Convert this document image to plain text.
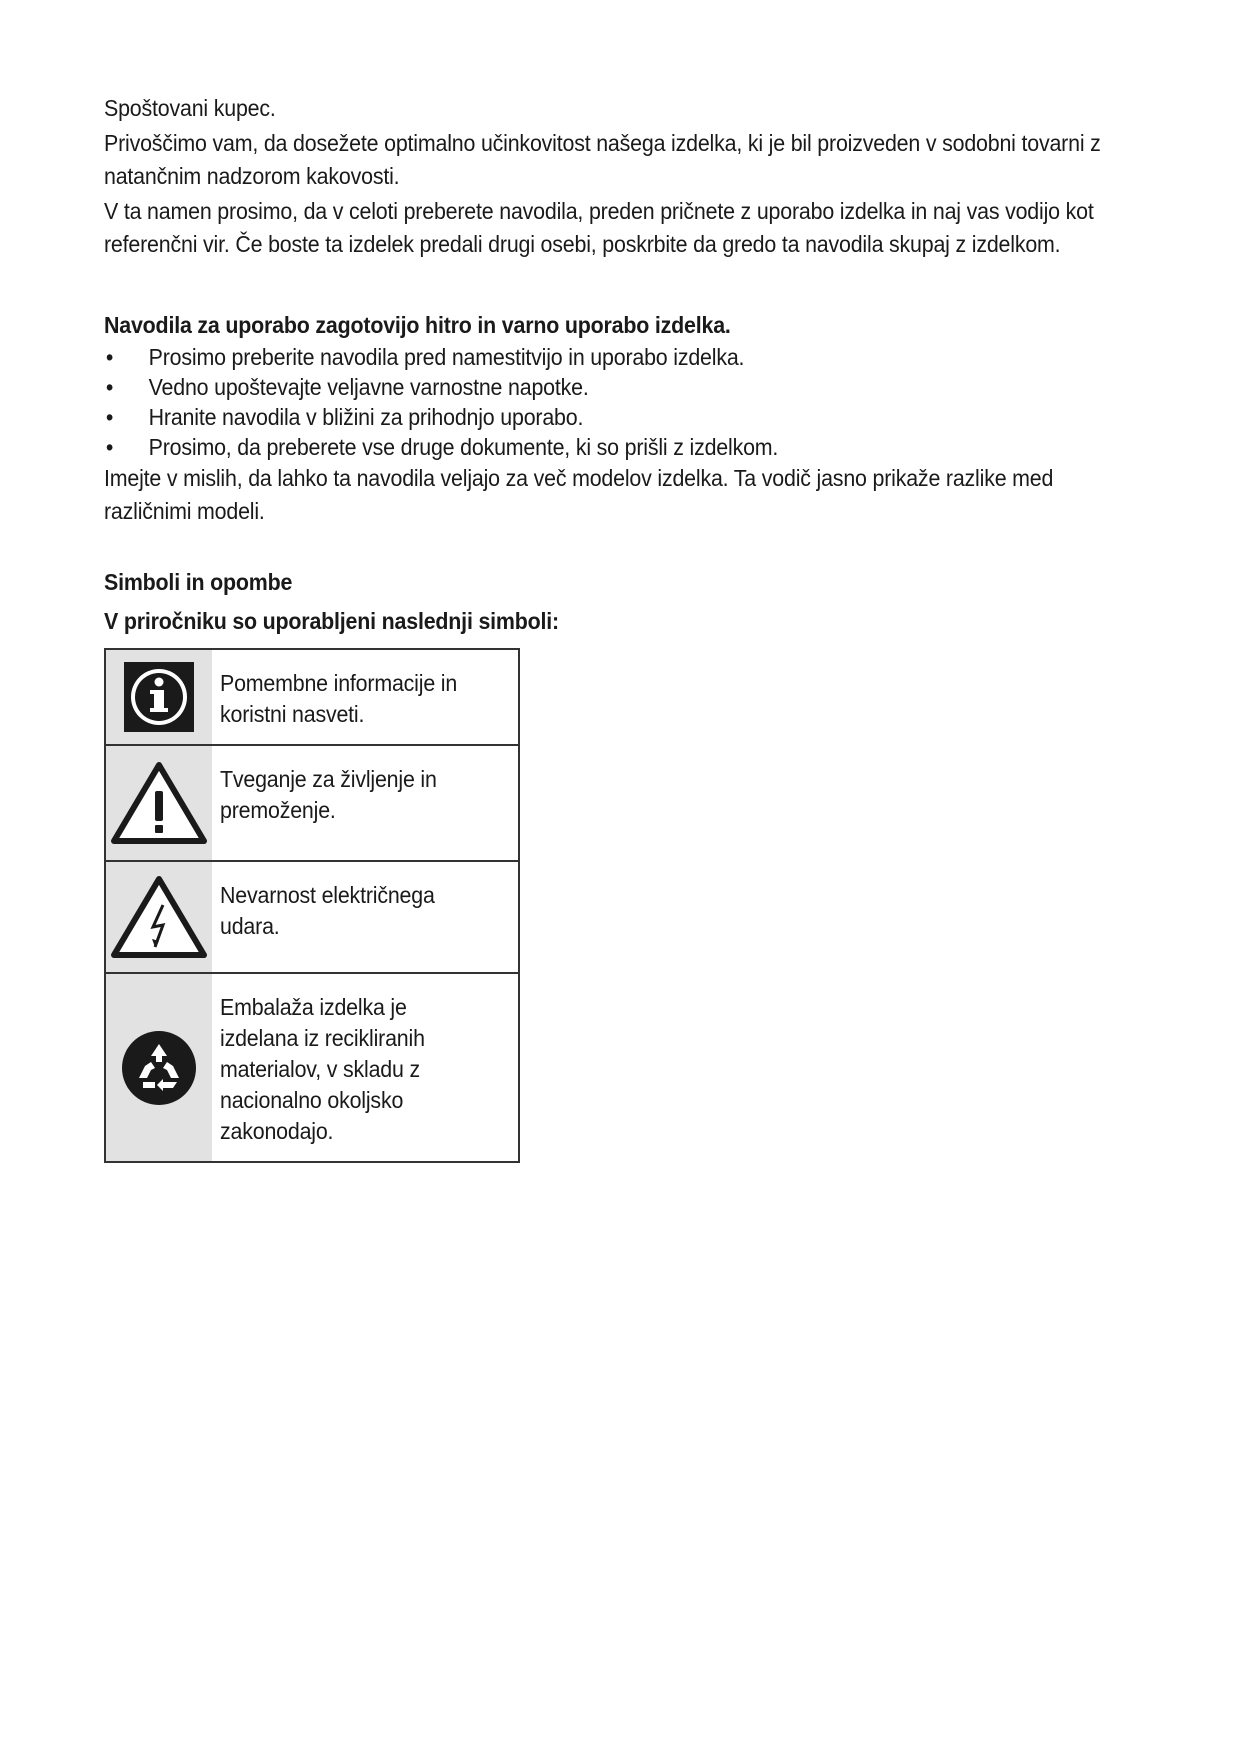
Spoštovani kupec.

Privoščimo vam, da dosežete optimalno učinkovitost našega izdelka, ki je bil proizveden v sodobni tovarni z natančnim nadzorom kakovosti.

V ta namen prosimo, da v celoti preberete navodila, preden pričnete z uporabo izdelka in naj vas vodijo kot referenčni vir. Če boste ta izdelek predali drugi osebi, poskrbite da gredo ta navodila skupaj z izdelkom.

Navodila za uporabo zagotovijo hitro in varno uporabo izdelka.

• Prosimo preberite navodila pred namestitvijo in uporabo izdelka.
• Vedno upoštevajte veljavne varnostne napotke.
• Hranite navodila v bližini za prihodnjo uporabo.
• Prosimo, da preberete vse druge dokumente, ki so prišli z izdelkom.

Imejte v mislih, da lahko ta navodila veljajo za več modelov izdelka. Ta vodič jasno prikaže razlike med različnimi modeli.

Simboli in opombe

V priročniku so uporabljeni naslednji simboli:

Pomembne informacije in koristni nasveti.

Tveganje za življenje in premoženje.

Nevarnost električnega udara.

Embalaža izdelka je izdelana iz recikliranih materialov, v skladu z nacionalno okoljsko zakonodajo.
